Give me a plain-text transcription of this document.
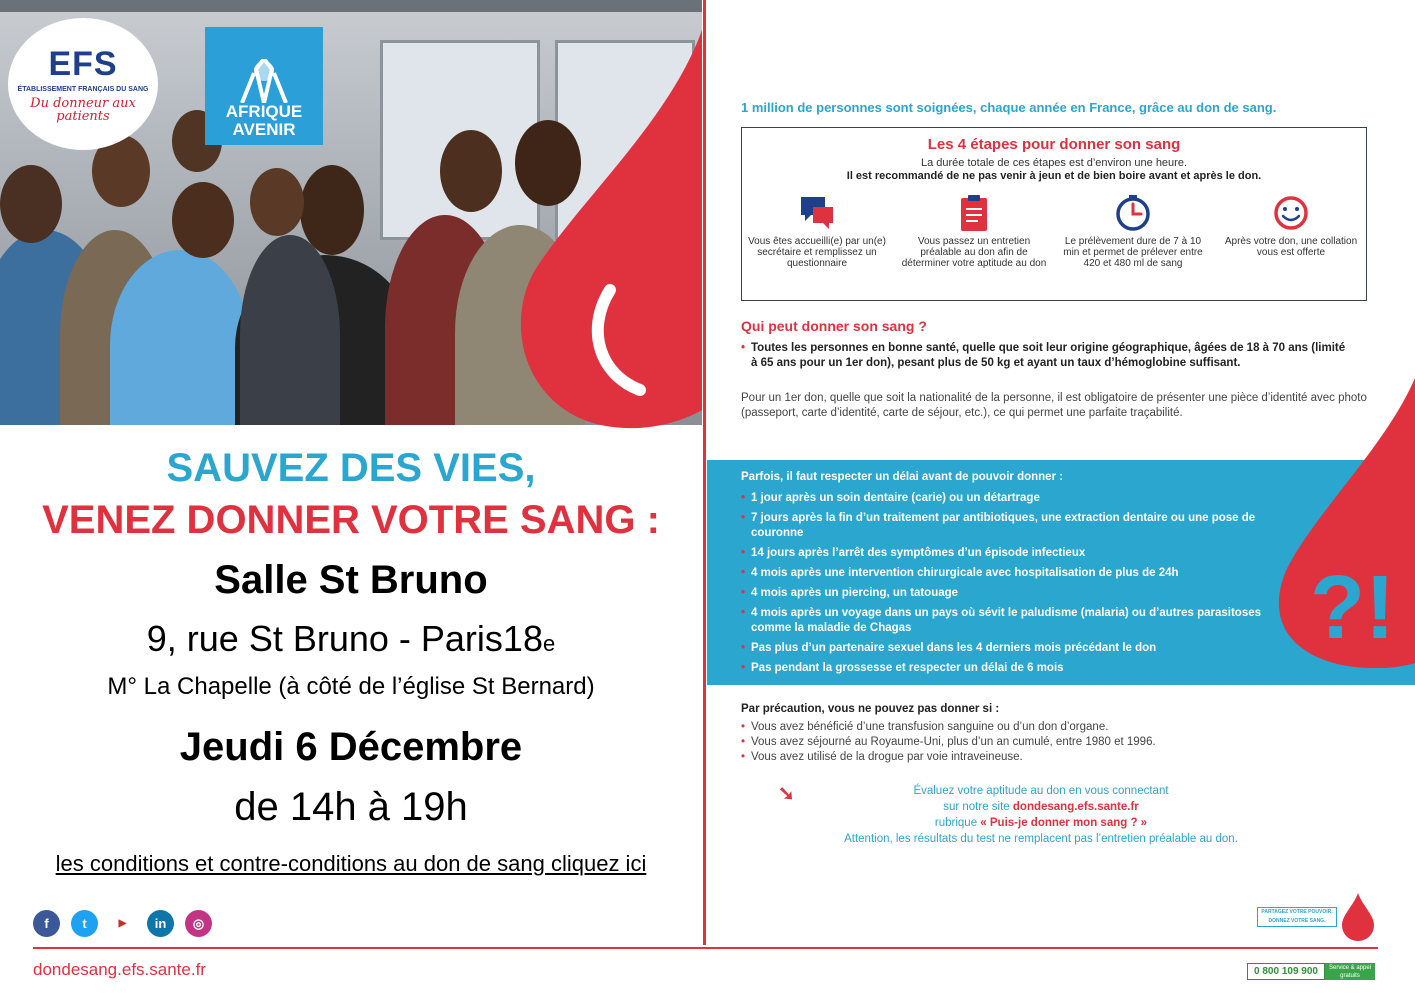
EFS
ÉTABLISSEMENT FRANÇAIS DU SANG
Du donneur aux patients	AFRIQUE
AVENIR
SAUVEZ DES VIES,
VENEZ DONNER VOTRE SANG :
Salle St Bruno
9, rue St Bruno - Paris18e
M° La Chapelle (à côté de l’église St Bernard)
Jeudi 6 Décembre
de 14h à 19h
les conditions et contre-conditions au don de sang cliquez ici
f	t	▶	in	◎
dondesang.efs.sante.fr
1 million de personnes sont soignées, chaque année en France, grâce au don de sang.
Les 4 étapes pour donner son sang
La durée totale de ces étapes est d’environ une heure.
Il est recommandé de ne pas venir à jeun et de bien boire avant et après le don.
Vous êtes accueilli(e) par un(e) secrétaire et remplissez un questionnaire
Vous passez un entretien préalable au don afin de déterminer votre aptitude au don
Le prélèvement dure de 7 à 10 min et permet de prélever entre 420 et 480 ml de sang
Après votre don, une collation vous est offerte
Qui peut donner son sang ?
• Toutes les personnes en bonne santé, quelle que soit leur origine géographique, âgées de 18 à 70 ans (limité à 65 ans pour un 1er don), pesant plus de 50 kg et ayant un taux d’hémoglobine suffisant.
Pour un 1er don, quelle que soit la nationalité de la personne, il est obligatoire de présenter une pièce d’identité avec photo (passeport, carte d’identité, carte de séjour, etc.), ce qui permet une parfaite traçabilité.
?!
Parfois, il faut respecter un délai avant de pouvoir donner :
• 1 jour après un soin dentaire (carie) ou un détartrage
• 7 jours après la fin d’un traitement par antibiotiques, une extraction dentaire ou une pose de couronne
• 14 jours après l’arrêt des symptômes d’un épisode infectieux
• 4 mois après une intervention chirurgicale avec hospitalisation de plus de 24h
• 4 mois après un piercing, un tatouage
• 4 mois après un voyage dans un pays où sévit le paludisme (malaria) ou d’autres parasitoses comme la maladie de Chagas
• Pas plus d’un partenaire sexuel dans les 4 derniers mois précédant le don
• Pas pendant la grossesse et respecter un délai de 6 mois
Par précaution, vous ne pouvez pas donner si :
• Vous avez bénéficié d’une transfusion sanguine ou d’un don d’organe.
• Vous avez séjourné au Royaume-Uni, plus d’un an cumulé, entre 1980 et 1996.
• Vous avez utilisé de la drogue par voie intraveineuse.
➘	Évaluez votre aptitude au don en vous connectant
sur notre site dondesang.efs.sante.fr
rubrique « Puis-je donner mon sang ? »
Attention, les résultats du test ne remplacent pas l’entretien préalable au don.
PARTAGEZ VOTRE POUVOIR, DONNEZ VOTRE SANG.
0 800 109 900	Service & appel gratuits
